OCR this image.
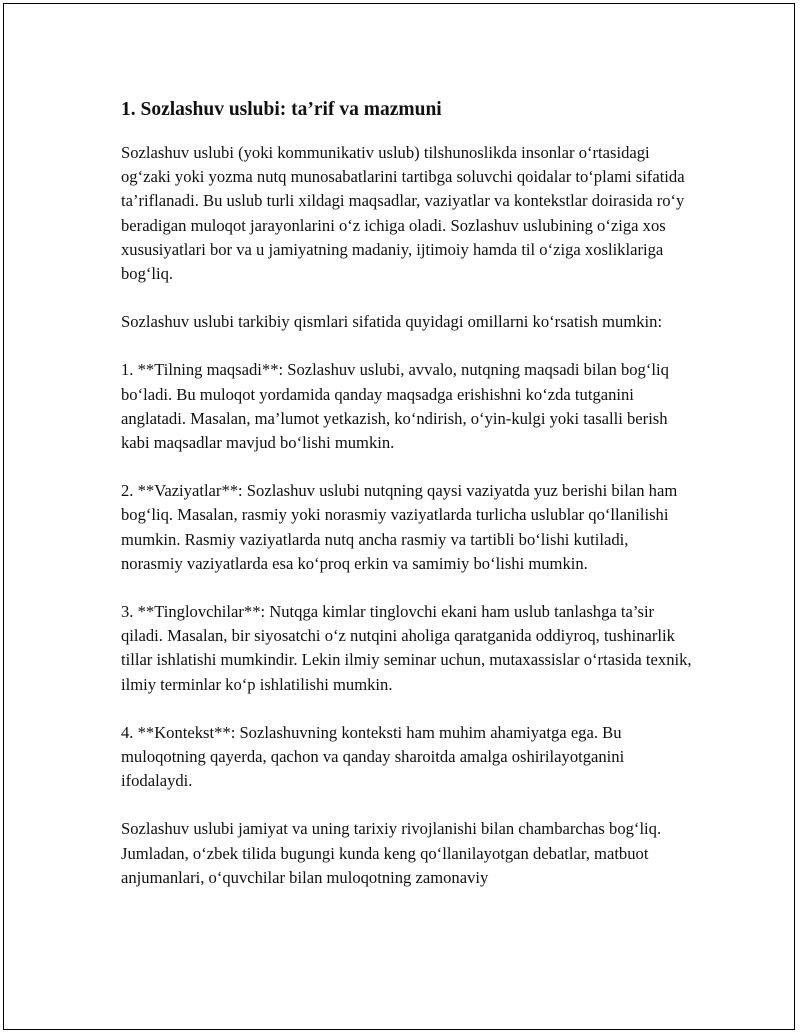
1. Sozlashuv uslubi: ta’rif va mazmuni

Sozlashuv uslubi (yoki kommunikativ uslub) tilshunoslikda insonlar o‘rtasidagi og‘zaki yoki yozma nutq munosabatlarini tartibga soluvchi qoidalar to‘plami sifatida ta’riflanadi. Bu uslub turli xildagi maqsadlar, vaziyatlar va kontekstlar doirasida ro‘y beradigan muloqot jarayonlarini o‘z ichiga oladi. Sozlashuv uslubining o‘ziga xos xususiyatlari bor va u jamiyatning madaniy, ijtimoiy hamda til o‘ziga xosliklariga bog‘liq.

Sozlashuv uslubi tarkibiy qismlari sifatida quyidagi omillarni ko‘rsatish mumkin:

1. **Tilning maqsadi**: Sozlashuv uslubi, avvalo, nutqning maqsadi bilan bog‘liq bo‘ladi. Bu muloqot yordamida qanday maqsadga erishishni ko‘zda tutganini anglatadi. Masalan, ma’lumot yetkazish, ko‘ndirish, o‘yin-kulgi yoki tasalli berish kabi maqsadlar mavjud bo‘lishi mumkin.

2. **Vaziyatlar**: Sozlashuv uslubi nutqning qaysi vaziyatda yuz berishi bilan ham bog‘liq. Masalan, rasmiy yoki norasmiy vaziyatlarda turlicha uslublar qo‘llanilishi mumkin. Rasmiy vaziyatlarda nutq ancha rasmiy va tartibli bo‘lishi kutiladi, norasmiy vaziyatlarda esa ko‘proq erkin va samimiy bo‘lishi mumkin.

3. **Tinglovchilar**: Nutqga kimlar tinglovchi ekani ham uslub tanlashga ta’sir qiladi. Masalan, bir siyosatchi o‘z nutqini aholiga qaratganida oddiyroq, tushinarlik tillar ishlatishi mumkindir. Lekin ilmiy seminar uchun, mutaxassislar o‘rtasida texnik, ilmiy terminlar ko‘p ishlatilishi mumkin.

4. **Kontekst**: Sozlashuvning konteksti ham muhim ahamiyatga ega. Bu muloqotning qayerda, qachon va qanday sharoitda amalga oshirilayotganini ifodalaydi.

Sozlashuv uslubi jamiyat va uning tarixiy rivojlanishi bilan chambarchas bog‘liq. Jumladan, o‘zbek tilida bugungi kunda keng qo‘llanilayotgan debatlar, matbuot anjumanlari, o‘quvchilar bilan muloqotning zamonaviy
